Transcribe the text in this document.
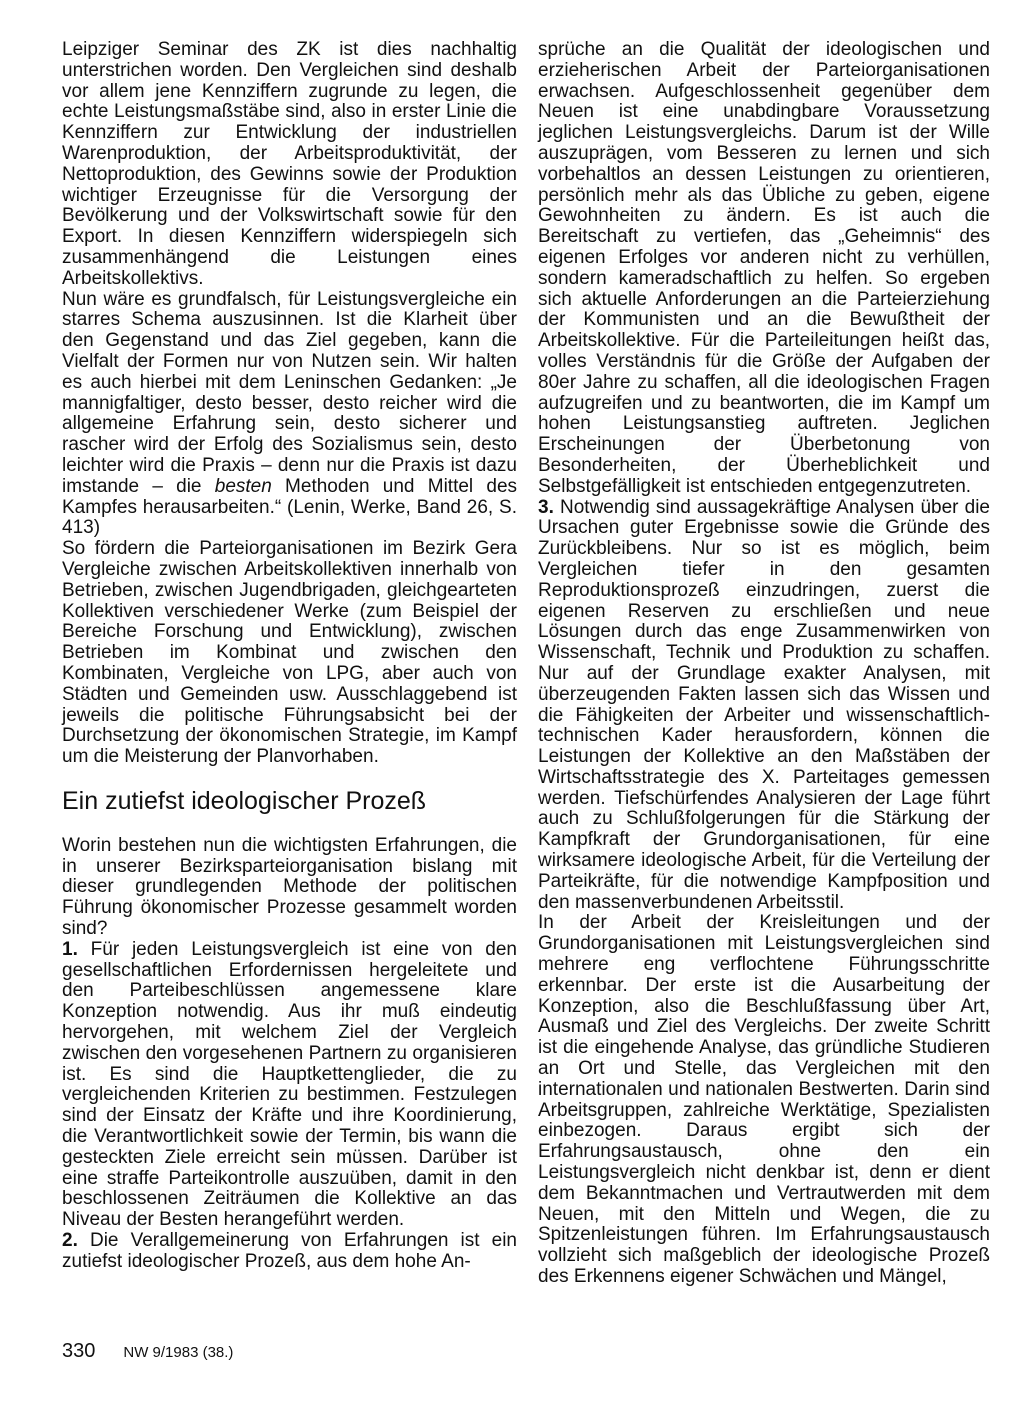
Leipziger Seminar des ZK ist dies nachhaltig unterstrichen worden. Den Vergleichen sind deshalb vor allem jene Kennziffern zugrunde zu legen, die echte Leistungsmaßstäbe sind, also in erster Linie die Kennziffern zur Entwicklung der industriellen Warenproduktion, der Arbeitsproduktivität, der Nettoproduktion, des Gewinns sowie der Produktion wichtiger Erzeugnisse für die Versorgung der Bevölkerung und der Volkswirtschaft sowie für den Export. In diesen Kennziffern widerspiegeln sich zusammenhängend die Leistungen eines Arbeitskollektivs.

Nun wäre es grundfalsch, für Leistungsvergleiche ein starres Schema auszusinnen. Ist die Klarheit über den Gegenstand und das Ziel gegeben, kann die Vielfalt der Formen nur von Nutzen sein. Wir halten es auch hierbei mit dem Leninschen Gedanken: „Je mannigfaltiger, desto besser, desto reicher wird die allgemeine Erfahrung sein, desto sicherer und rascher wird der Erfolg des Sozialismus sein, desto leichter wird die Praxis – denn nur die Praxis ist dazu imstande – die besten Methoden und Mittel des Kampfes herausarbeiten.“ (Lenin, Werke, Band 26, S. 413)

So fördern die Parteiorganisationen im Bezirk Gera Vergleiche zwischen Arbeitskollektiven innerhalb von Betrieben, zwischen Jugendbrigaden, gleichgearteten Kollektiven verschiedener Werke (zum Beispiel der Bereiche Forschung und Entwicklung), zwischen Betrieben im Kombinat und zwischen den Kombinaten, Vergleiche von LPG, aber auch von Städten und Gemeinden usw. Ausschlaggebend ist jeweils die politische Führungsabsicht bei der Durchsetzung der ökonomischen Strategie, im Kampf um die Meisterung der Planvorhaben.

Ein zutiefst ideologischer Prozeß

Worin bestehen nun die wichtigsten Erfahrungen, die in unserer Bezirksparteiorganisation bislang mit dieser grundlegenden Methode der politischen Führung ökonomischer Prozesse gesammelt worden sind?

1. Für jeden Leistungsvergleich ist eine von den gesellschaftlichen Erfordernissen hergeleitete und den Parteibeschlüssen angemessene klare Konzeption notwendig. Aus ihr muß eindeutig hervorgehen, mit welchem Ziel der Vergleich zwischen den vorgesehenen Partnern zu organisieren ist. Es sind die Hauptkettenglieder, die zu vergleichenden Kriterien zu bestimmen. Festzulegen sind der Einsatz der Kräfte und ihre Koordinierung, die Verantwortlichkeit sowie der Termin, bis wann die gesteckten Ziele erreicht sein müssen. Darüber ist eine straffe Parteikontrolle auszuüben, damit in den beschlossenen Zeiträumen die Kollektive an das Niveau der Besten herangeführt werden.

2. Die Verallgemeinerung von Erfahrungen ist ein zutiefst ideologischer Prozeß, aus dem hohe An-

sprüche an die Qualität der ideologischen und erzieherischen Arbeit der Parteiorganisationen erwachsen. Aufgeschlossenheit gegenüber dem Neuen ist eine unabdingbare Voraussetzung jeglichen Leistungsvergleichs. Darum ist der Wille auszuprägen, vom Besseren zu lernen und sich vorbehaltlos an dessen Leistungen zu orientieren, persönlich mehr als das Übliche zu geben, eigene Gewohnheiten zu ändern. Es ist auch die Bereitschaft zu vertiefen, das „Geheimnis“ des eigenen Erfolges vor anderen nicht zu verhüllen, sondern kameradschaftlich zu helfen. So ergeben sich aktuelle Anforderungen an die Parteierziehung der Kommunisten und an die Bewußtheit der Arbeitskollektive. Für die Parteileitungen heißt das, volles Verständnis für die Größe der Aufgaben der 80er Jahre zu schaffen, all die ideologischen Fragen aufzugreifen und zu beantworten, die im Kampf um hohen Leistungsanstieg auftreten. Jeglichen Erscheinungen der Überbetonung von Besonderheiten, der Überheblichkeit und Selbstgefälligkeit ist entschieden entgegenzutreten.

3. Notwendig sind aussagekräftige Analysen über die Ursachen guter Ergebnisse sowie die Gründe des Zurückbleibens. Nur so ist es möglich, beim Vergleichen tiefer in den gesamten Reproduktionsprozeß einzudringen, zuerst die eigenen Reserven zu erschließen und neue Lösungen durch das enge Zusammenwirken von Wissenschaft, Technik und Produktion zu schaffen. Nur auf der Grundlage exakter Analysen, mit überzeugenden Fakten lassen sich das Wissen und die Fähigkeiten der Arbeiter und wissenschaftlich-technischen Kader herausfordern, können die Leistungen der Kollektive an den Maßstäben der Wirtschaftsstrategie des X. Parteitages gemessen werden. Tiefschürfendes Analysieren der Lage führt auch zu Schlußfolgerungen für die Stärkung der Kampfkraft der Grundorganisationen, für eine wirksamere ideologische Arbeit, für die Verteilung der Parteikräfte, für die notwendige Kampfposition und den massenverbundenen Arbeitsstil.

In der Arbeit der Kreisleitungen und der Grundorganisationen mit Leistungsvergleichen sind mehrere eng verflochtene Führungsschritte erkennbar. Der erste ist die Ausarbeitung der Konzeption, also die Beschlußfassung über Art, Ausmaß und Ziel des Vergleichs. Der zweite Schritt ist die eingehende Analyse, das gründliche Studieren an Ort und Stelle, das Vergleichen mit den internationalen und nationalen Bestwerten. Darin sind Arbeitsgruppen, zahlreiche Werktätige, Spezialisten einbezogen. Daraus ergibt sich der Erfahrungsaustausch, ohne den ein Leistungsvergleich nicht denkbar ist, denn er dient dem Bekanntmachen und Vertrautwerden mit dem Neuen, mit den Mitteln und Wegen, die zu Spitzenleistungen führen. Im Erfahrungsaustausch vollzieht sich maßgeblich der ideologische Prozeß des Erkennens eigener Schwächen und Mängel,

330 NW 9/1983 (38.)
